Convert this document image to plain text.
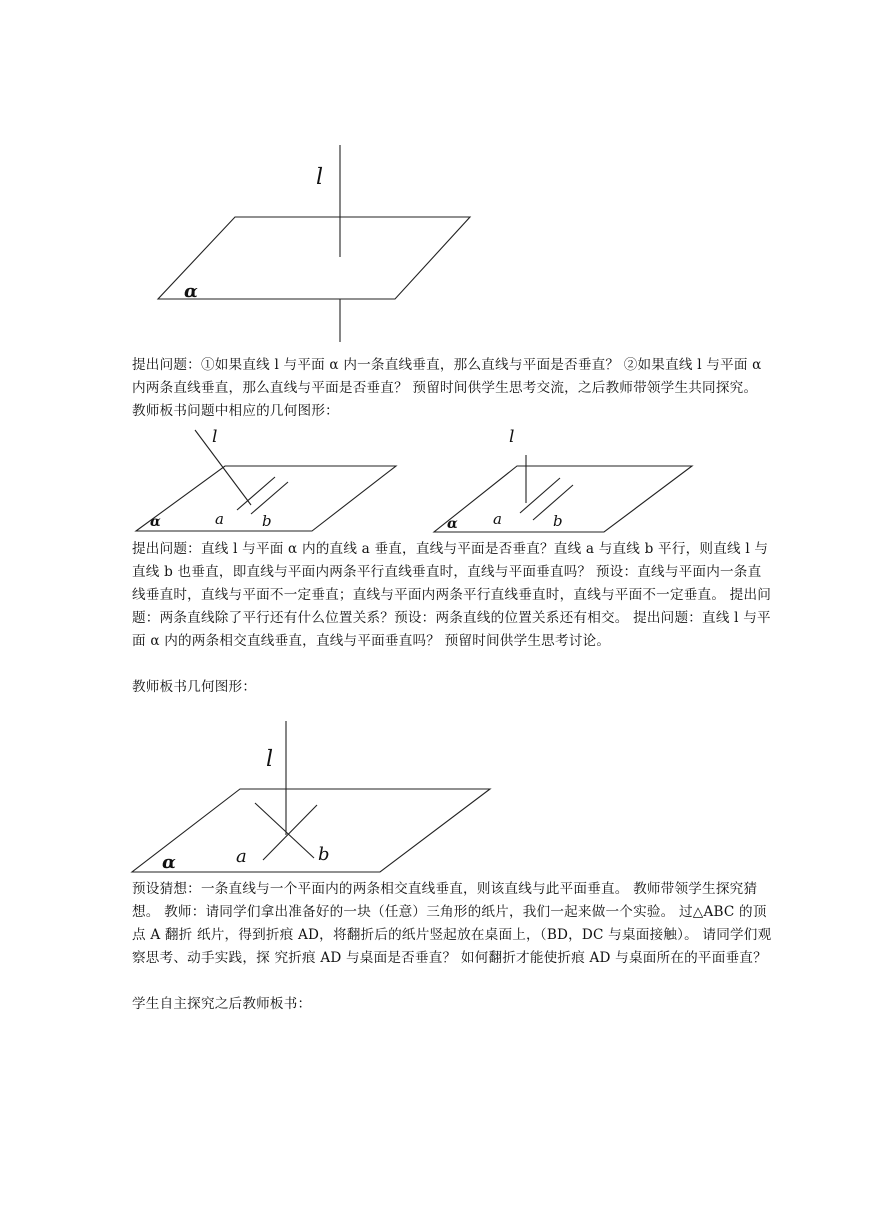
l
α

提出问题：①如果直线 l 与平面 α 内一条直线垂直，那么直线与平面是否垂直？ ②如果直线 l 与平面 α 内两条直线垂直，那么直线与平面是否垂直？ 预留时间供学生思考交流，之后教师带领学生共同探究。 教师板书问题中相应的几何图形：

l
α	a	b
l
α a	b

提出问题：直线 l 与平面 α 内的直线 a 垂直，直线与平面是否垂直？直线 a 与直线 b 平行，则直线 l 与直线 b 也垂直，即直线与平面内两条平行直线垂直时，直线与平面垂直吗？ 预设：直线与平面内一条直线垂直时，直线与平面不一定垂直；直线与平面内两条平行直线垂直时，直线与平面不一定垂直。 提出问题：两条直线除了平行还有什么位置关系？预设：两条直线的位置关系还有相交。 提出问题：直线 l 与平面 α 内的两条相交直线垂直，直线与平面垂直吗？ 预留时间供学生思考讨论。

教师板书几何图形：

l
α	a	b

预设猜想：一条直线与一个平面内的两条相交直线垂直，则该直线与此平面垂直。 教师带领学生探究猜想。 教师：请同学们拿出准备好的一块（任意）三角形的纸片，我们一起来做一个实验。 过△ABC 的顶点 A 翻折 纸片，得到折痕 AD，将翻折后的纸片竖起放在桌面上，（BD，DC 与桌面接触）。 请同学们观察思考、动手实践，探 究折痕 AD 与桌面是否垂直？ 如何翻折才能使折痕 AD 与桌面所在的平面垂直？

学生自主探究之后教师板书：
